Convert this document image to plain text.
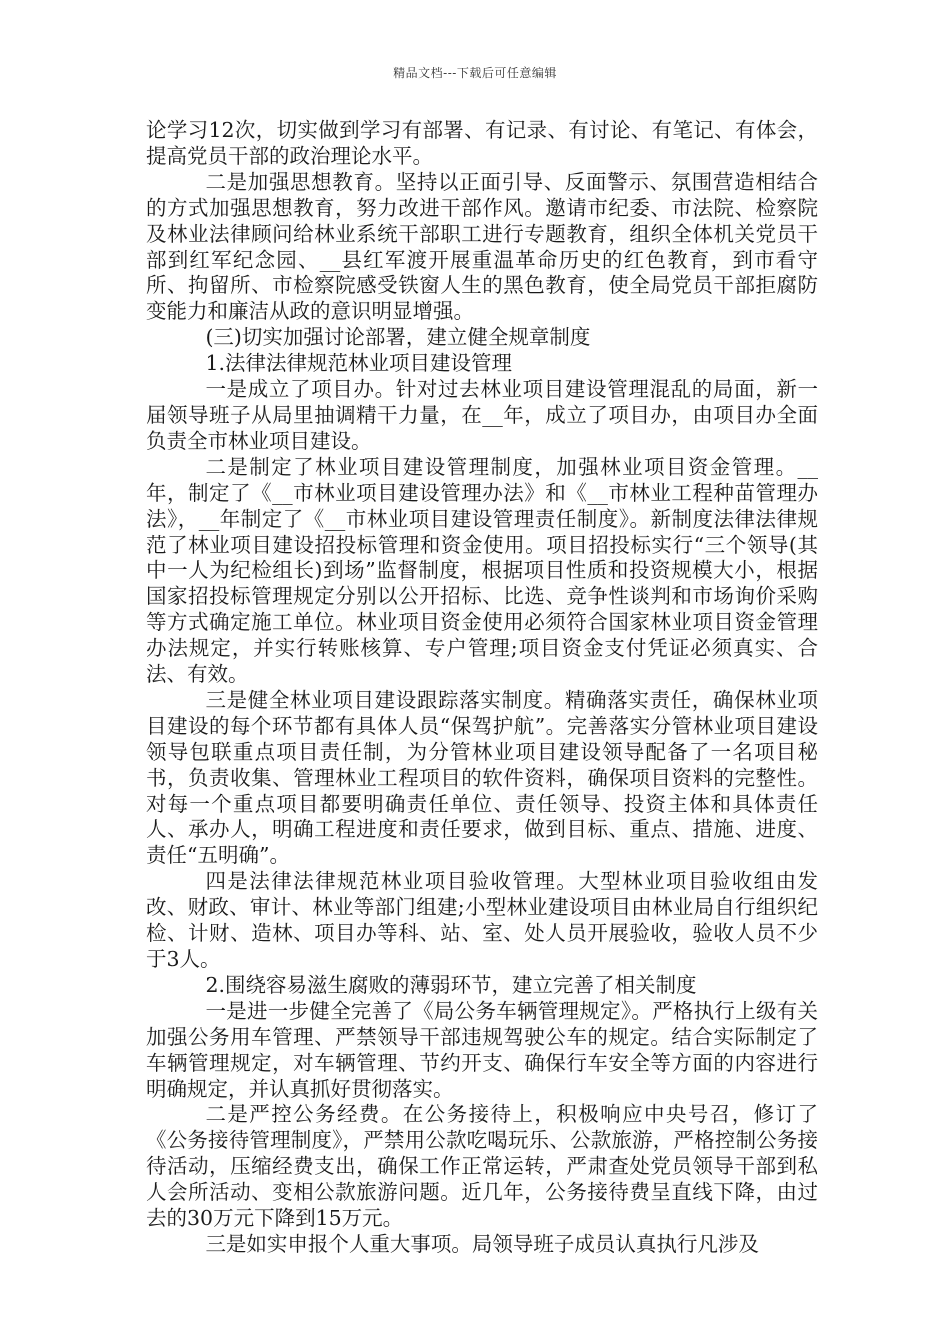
精品文档---下载后可任意编辑

论学习12次，切实做到学习有部署、有记录、有讨论、有笔记、有体会，提高党员干部的政治理论水平。

二是加强思想教育。坚持以正面引导、反面警示、氛围营造相结合的方式加强思想教育，努力改进干部作风。邀请市纪委、市法院、检察院及林业法律顾问给林业系统干部职工进行专题教育，组织全体机关党员干部到红军纪念园、__县红军渡开展重温革命历史的红色教育，到市看守所、拘留所、市检察院感受铁窗人生的黑色教育，使全局党员干部拒腐防变能力和廉洁从政的意识明显增强。

(三)切实加强讨论部署，建立健全规章制度

1.法律法律规范林业项目建设管理

一是成立了项目办。针对过去林业项目建设管理混乱的局面，新一届领导班子从局里抽调精干力量，在__年，成立了项目办，由项目办全面负责全市林业项目建设。

二是制定了林业项目建设管理制度，加强林业项目资金管理。__年，制定了《__市林业项目建设管理办法》和《__市林业工程种苗管理办法》，__年制定了《__市林业项目建设管理责任制度》。新制度法律法律规范了林业项目建设招投标管理和资金使用。项目招投标实行“三个领导(其中一人为纪检组长)到场”监督制度，根据项目性质和投资规模大小，根据国家招投标管理规定分别以公开招标、比选、竞争性谈判和市场询价采购等方式确定施工单位。林业项目资金使用必须符合国家林业项目资金管理办法规定，并实行转账核算、专户管理;项目资金支付凭证必须真实、合法、有效。

三是健全林业项目建设跟踪落实制度。精确落实责任，确保林业项目建设的每个环节都有具体人员“保驾护航”。完善落实分管林业项目建设领导包联重点项目责任制，为分管林业项目建设领导配备了一名项目秘书，负责收集、管理林业工程项目的软件资料，确保项目资料的完整性。对每一个重点项目都要明确责任单位、责任领导、投资主体和具体责任人、承办人，明确工程进度和责任要求，做到目标、重点、措施、进度、责任“五明确”。

四是法律法律规范林业项目验收管理。大型林业项目验收组由发改、财政、审计、林业等部门组建;小型林业建设项目由林业局自行组织纪检、计财、造林、项目办等科、站、室、处人员开展验收，验收人员不少于3人。

2.围绕容易滋生腐败的薄弱环节，建立完善了相关制度

一是进一步健全完善了《局公务车辆管理规定》。严格执行上级有关加强公务用车管理、严禁领导干部违规驾驶公车的规定。结合实际制定了车辆管理规定，对车辆管理、节约开支、确保行车安全等方面的内容进行明确规定，并认真抓好贯彻落实。

二是严控公务经费。在公务接待上，积极响应中央号召，修订了《公务接待管理制度》，严禁用公款吃喝玩乐、公款旅游，严格控制公务接待活动，压缩经费支出，确保工作正常运转，严肃查处党员领导干部到私人会所活动、变相公款旅游问题。近几年，公务接待费呈直线下降，由过去的30万元下降到15万元。

三是如实申报个人重大事项。局领导班子成员认真执行凡涉及
